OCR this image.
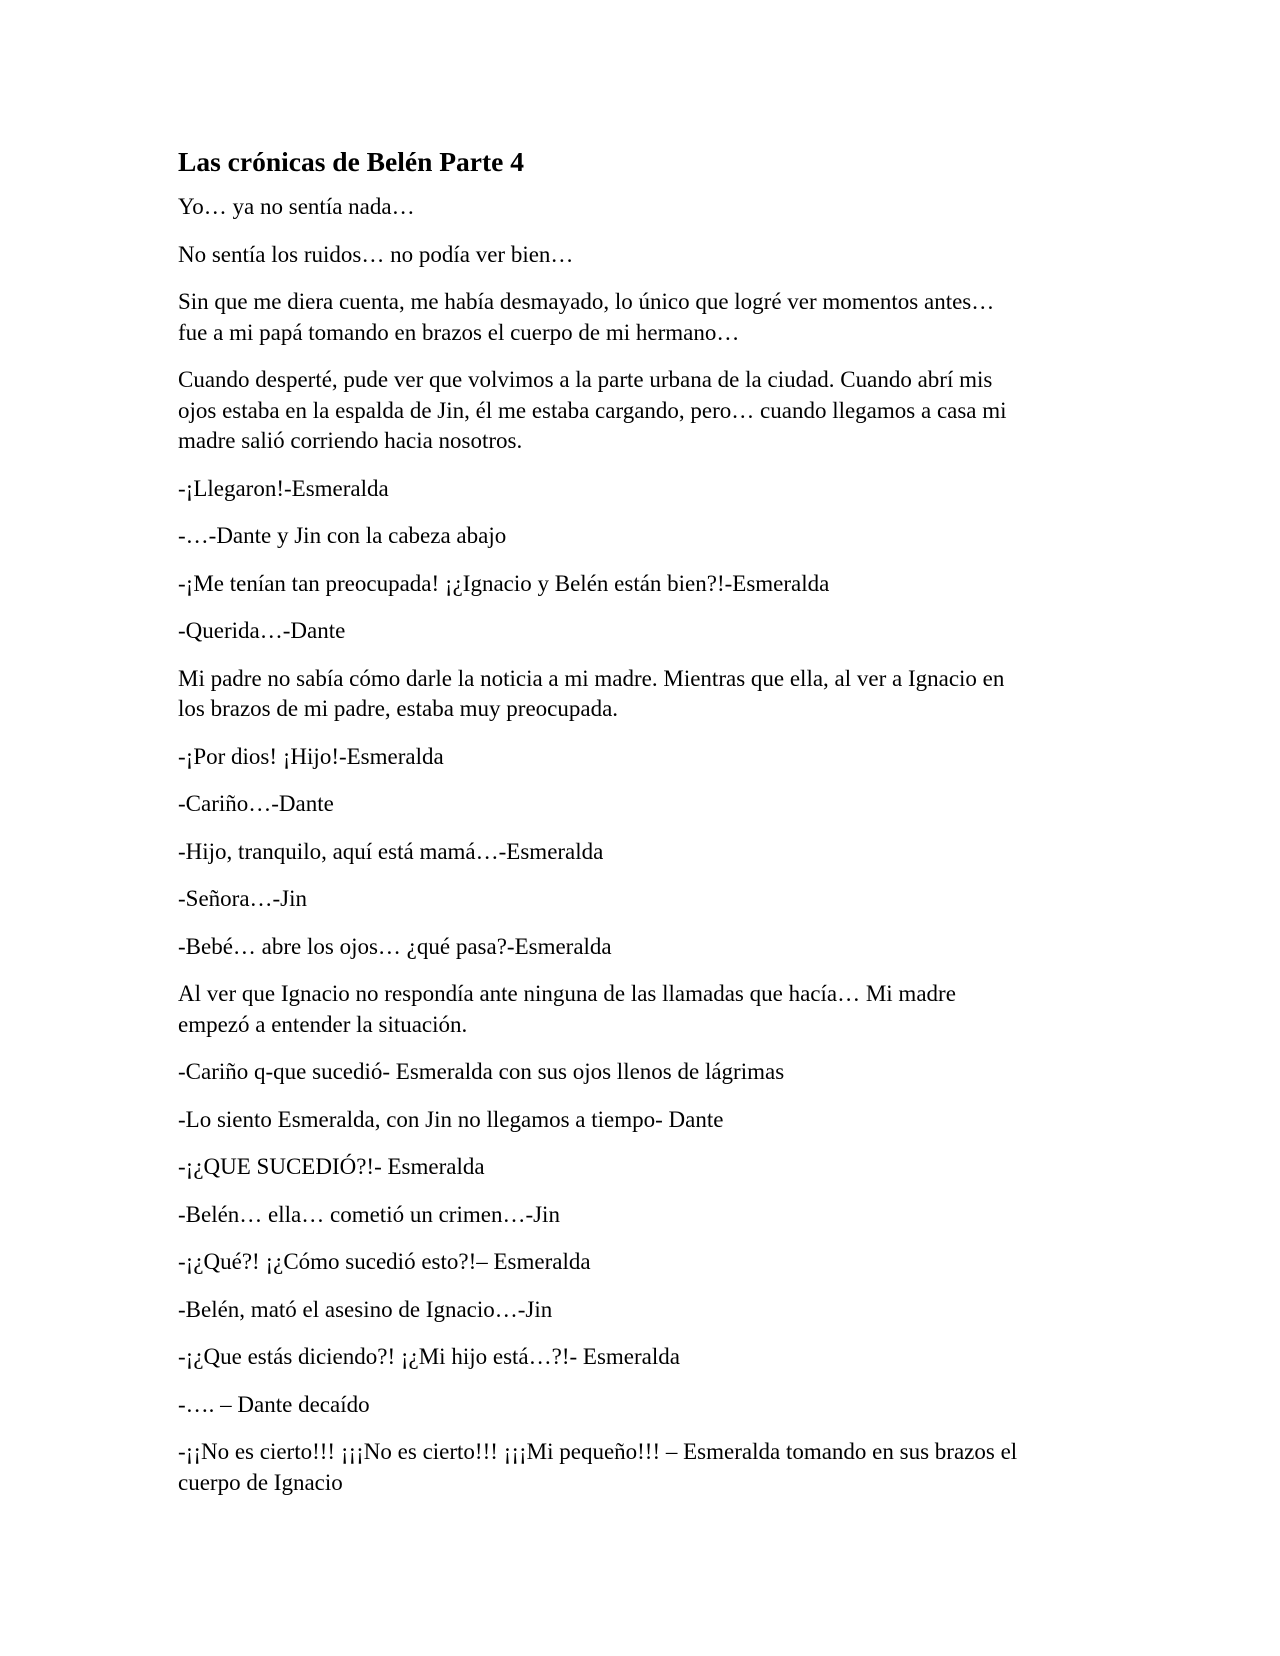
Las crónicas de Belén Parte 4

Yo… ya no sentía nada…

No sentía los ruidos… no podía ver bien…

Sin que me diera cuenta, me había desmayado, lo único que logré ver momentos antes…
fue a mi papá tomando en brazos el cuerpo de mi hermano…

Cuando desperté, pude ver que volvimos a la parte urbana de la ciudad. Cuando abrí mis
ojos estaba en la espalda de Jin, él me estaba cargando, pero… cuando llegamos a casa mi
madre salió corriendo hacia nosotros.

-¡Llegaron!-Esmeralda

-…-Dante y Jin con la cabeza abajo

-¡Me tenían tan preocupada! ¡¿Ignacio y Belén están bien?!-Esmeralda

-Querida…-Dante

Mi padre no sabía cómo darle la noticia a mi madre. Mientras que ella, al ver a Ignacio en
los brazos de mi padre, estaba muy preocupada.

-¡Por dios! ¡Hijo!-Esmeralda

-Cariño…-Dante

-Hijo, tranquilo, aquí está mamá…-Esmeralda

-Señora…-Jin

-Bebé… abre los ojos… ¿qué pasa?-Esmeralda

Al ver que Ignacio no respondía ante ninguna de las llamadas que hacía… Mi madre
empezó a entender la situación.

-Cariño q-que sucedió- Esmeralda con sus ojos llenos de lágrimas

-Lo siento Esmeralda, con Jin no llegamos a tiempo- Dante

-¡¿QUE SUCEDIÓ?!- Esmeralda

-Belén… ella… cometió un crimen…-Jin

-¡¿Qué?! ¡¿Cómo sucedió esto?!– Esmeralda

-Belén, mató el asesino de Ignacio…-Jin

-¡¿Que estás diciendo?! ¡¿Mi hijo está…?!- Esmeralda

-…. – Dante decaído

-¡¡No es cierto!!! ¡¡¡No es cierto!!! ¡¡¡Mi pequeño!!! – Esmeralda tomando en sus brazos el
cuerpo de Ignacio
